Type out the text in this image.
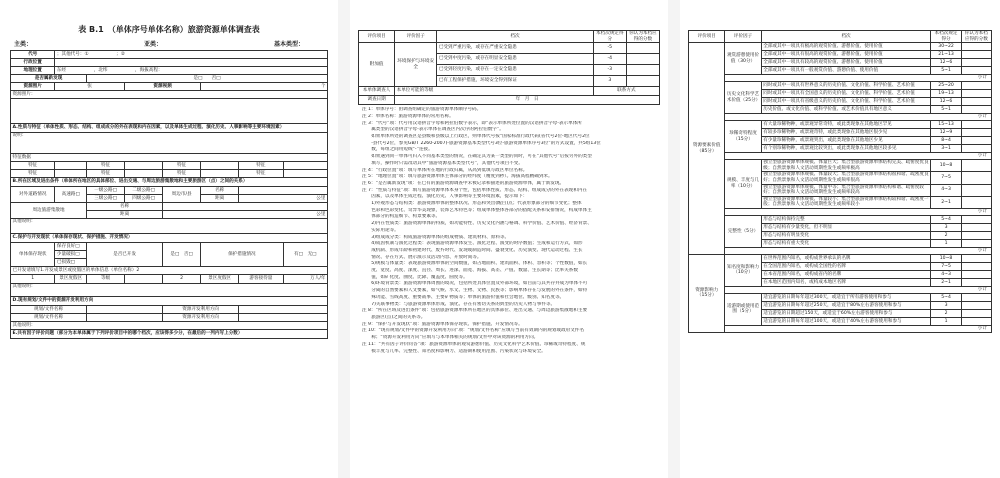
表 B.1　（单体序号单体名称）旅游资源单体调查表
主类：	亚类：	基本类型：
代号	；其他代号：①　　　　　　；②						
行政位置							
地理位置	东经　　　　　　，北纬　　　　　　，海拔高程：						
是否属新发现		是□　　否□					
资源照片	张		资源视频		个		
资源照片：							

A.性质与特征（单体性质、形态、结构、组成成分的外在表现和内在因素，以及单体生成过程、演化历史、人事影响等主要环境因素）							
说明：							
特征数据							
特征		特征		特征		特征	
特征		特征		特征		特征	
B.所在区域及进出条件（单体所在地区的具体部位、进出交通、与周边旅游集散地和主要旅游区（点）之间的关系）							
对外道路情况	高速路□	一级公路□	二级公路□	周边市/县	名称		
		三级公路□	四级公路□		距离	公里	
周边旅游集散地		名称					
		距离		公里			
其他说明：							
C.保护与开发现状（单体保存现状、保护措施、开发情况）							
单体保存现状	保存良好□	是否已开发		是□　否□	保护措施情况		有□　无□
	少量破损□						
	已损毁□						
已开发请填写1.开发成景区或度假区的单体信息（单位名称）2							
1	景区度假区	等级		2	景区度假区	游客接待量	万人/年
其他说明：							
D.现有规划/文件中的资源开发利用方向							
规划/文件名称				资源开发利用方向			
规划/文件名称				资源开发利用方向			
其他说明：							
E.共有因子评价问题（部分为本单体属于下列评价项目中的哪个档次，应该得多少分，在最后的一列内写上分数）							
评价项目	评价因子	档次	本档次规定得分	你认为本档应得的分数
附加值	环境保护与环境安全	已受到严重污染，或存在严重安全隐患	-5	
		已受到中度污染，或存在明显安全隐患	-4	
		已受到轻度污染，或存在一定安全隐患	-3	
		已有工程保护措施，环境安全得到保证	3	
本单体调查人	本单位可能的等级		联系方式	
调查日期	年　月　日			
注 1：单体序号：由调查组确定的旅游资源单体顺序号码。
注 2：单体名称：旅游资源单体的常用名称。
注 3：“代号”项：代号用汉语拼音字母和阿拉伯数字表示，即“表示单体所处位置的汉语拼音字母-表示单体所
　　属类型的汉语拼音字母-表示单体在调查区内次序的阿拉伯数字”。
　　如果单体所处的调查区是县级和县级以上行政区，则单体代号按“国家标准行政代码(省代号2位-地区代号2位
　　-县代号2位，参见GB/T 2260-2007)-旅游资源基本类型代号3位-旅游资源单体序号3位”的方式设置，共5组13位
　　数，每组之间用短线“-”连接。
　　如果遇到同一单体可归入不同基本类型的情况，在确定其为某一类型的同时，可在“其他代号”后按另外的类型
　　填写，操作时只需改动其中“旅游资源基本类型代号”，其他代号项目不变。
注 4：“行政位置”项：填写单体所在地的行政归属，从高到低填写政区单位名称。
注 5：“地理位置”项：填写旅游资源单体主体部分的经纬度（精度到秒）。海拔高程精确到米。
注 6：“是否属新发现”项：在已有的旅游资源调查中未被记录和描述的旅游资源单体，属于新发现。
注 7：“性质与特征”项：填写旅游资源单体本身个性，包括单体性质、形态、结构、组成成分的外在表现和内在
　　因素，以及单体生成过程、演化历史、人事影响等主要环境因素，提示如下：
　　1)外观形态与结构类：旅游资源单体的整体状况、形态和突出(醒目)点；代表形象部分的细节变化；整体
　　色彩和色彩变化、奇异华美现象，装饰艺术特色等；组成单体整体各部分的搭配关系和安排情况，构成单体主
　　体部分的构造细节、构景要素等。
　　2)内在性质类：旅游资源单体的特质，如功能特性、历史文化内涵与格调、科学价值、艺术价值、经济背景、
　　实际用途等。
　　3)组成成分类：构成旅游资源单体的组成物质、建筑材料、原料等。
　　4)成因机制与演化过程类：表现旅游资源单体发生、演化过程、演变的时序数值；生成和运行方式，如形
　　成机制、形成年龄和初建时代、废弃时代、发现或制造时间、盛衰变化、历史演变、现代运动过程、生长
　　情况、存在方式、展示演示及活动内容、开放时间等。
　　5)规模与体量类：表现旅游资源单体的空间数值，如占地面积、建筑面积、体积、容积等；个性数值，如长
　　度、宽度、高度、深度、直径、周长、进深、面宽、海拔、高差、产值、数量、生长期等；比率关系数
　　值，如矿化度、曲度、比降、覆盖度、圆度等。
　　6)环境背景类：旅游资源单体周围的境况，包括所处具体位置及外部环境，如目前与其共存并成为单体不可
　　分离的自然要素和人文要素，如气候、水文、生物、文物、民族等；影响单体存在与发展的外在条件，如特
　　殊功能、雪线高度、重要战事、主要矿物质等；单体的旅游价值和社会地位、级别、知名度等。
　　7)关联事物类：与旅游资源单体形成、演化、存在有密切关系的典型的历史人物与事件等。
注 8：“所在区域及进出条件”项：包括旅游资源单体所在地区的具体部位、进出交通、与周边旅游集散地和主要
　　旅游区(点)之间的关系等。
注 9：“保护与开发现状”项：旅游资源单体保存现状、保护措施、开发情况等。
注 10：“现有规划/文件中的资源开发利用方向”项：“规划/文件名称”应填写当前有效期内的规划或政府文件名
　　称；“资源开发利用方向”应填写与本单体相关的规划/文件中对该资源的利用方向。
注 11：“共有因子评价问答”项：旅游资源单体的观赏游憩价值、历史文化科学艺术价值、珍稀或奇特程度、规
　　模丰度与几率、完整性、知名度和影响力、适游期和使用范围、污染状况与环境安全。
评价项目	评价因子	档次	本档次规定得分	你认为本档应得的分数
资源要素价值（85分）	观赏游憩使用价值（30分）	全部或其中一项具有极高的观赏价值、游憩价值、使用价值	30~22	
		全部或其中一项具有很高的观赏价值、游憩价值、使用价值	21~13	
		全部或其中一项具有较高的观赏价值、游憩价值、使用价值	12~6	
		全部或其中一项具有一般观赏价值、游憩价值、使用价值	5~1	
	小计			
	历史文化科学艺术价值（25分）	同时或其中一项具有世界意义的历史价值、文化价值、科学价值、艺术价值	25~20	
		同时或其中一项具有全国意义的历史价值、文化价值、科学价值、艺术价值	19~13	
		同时或其中一项具有省级意义的历史价值、文化价值、科学价值、艺术价值	12~6	
		历史价值、或文化价值、或科学价值、或艺术价值具有地区意义	5~1	
	小计			
	珍稀奇特程度（15分）	有大量珍稀物种，或景观异常奇特，或此类现象在其他地区罕见	15~13	
		有较多珍稀物种，或景观奇特，或此类现象在其他地区很少见	12~9	
		有少量珍稀物种，或景观突出，或此类现象在其他地区少见	8~4	
		有个别珍稀物种，或景观比较突出，或此类现象在其他地区较多见	3~1	
	小计			
	规模、丰度与几率（10分）	独立型旅游资源单体规模、体量巨大；集合型旅游资源单体结构完美、疏密度优良级；自然景象和人文活动周期性发生或频率极高	10~8	
		独立型旅游资源单体规模、体量较大；集合型旅游资源单体结构很和谐、疏密度良好；自然景象和人文活动周期性发生或频率很高	7~5	
		独立型旅游资源单体规模、体量中等；集合型旅游资源单体结构和谐、疏密度较好；自然景象和人文活动周期性发生或频率较高	4~3	
		独立型旅游资源单体规模、体量较小；集合型旅游资源单体结构较和谐、疏密度一般；自然景象和人文活动周期性发生或频率较小	2~1	
	小计			
	完整性（5分）	形态与结构保持完整	5~4	
		形态与结构有少量变化，但不明显	3	
		形态与结构有明显变化	2	
		形态与结构有重大变化	1	
	小计			
资源影响力（15分）	知名度和影响力（10分）	在世界范围内知名，或构成世界承认的名牌	10~8	
		在全国范围内知名，或构成全国性的名牌	7~5	
		在本省范围内知名，或构成省内的名牌	4~3	
		在本地区范围内知名，或构成本地区名牌	2~1	
	小计			
	适游期或使用范围（5分）	适宜游览的日期每年超过300天，或适宜于所有游客使用和参与	5~4	
		适宜游览的日期每年超过250天，或适宜于80%左右游客使用和参与	3	
		适宜游览的日期超过150天，或适宜于60%左右游客使用和参与	2	
		适宜游览的日期每年超过100天，或适宜于40%左右游客使用和参与	1	
	小计			
